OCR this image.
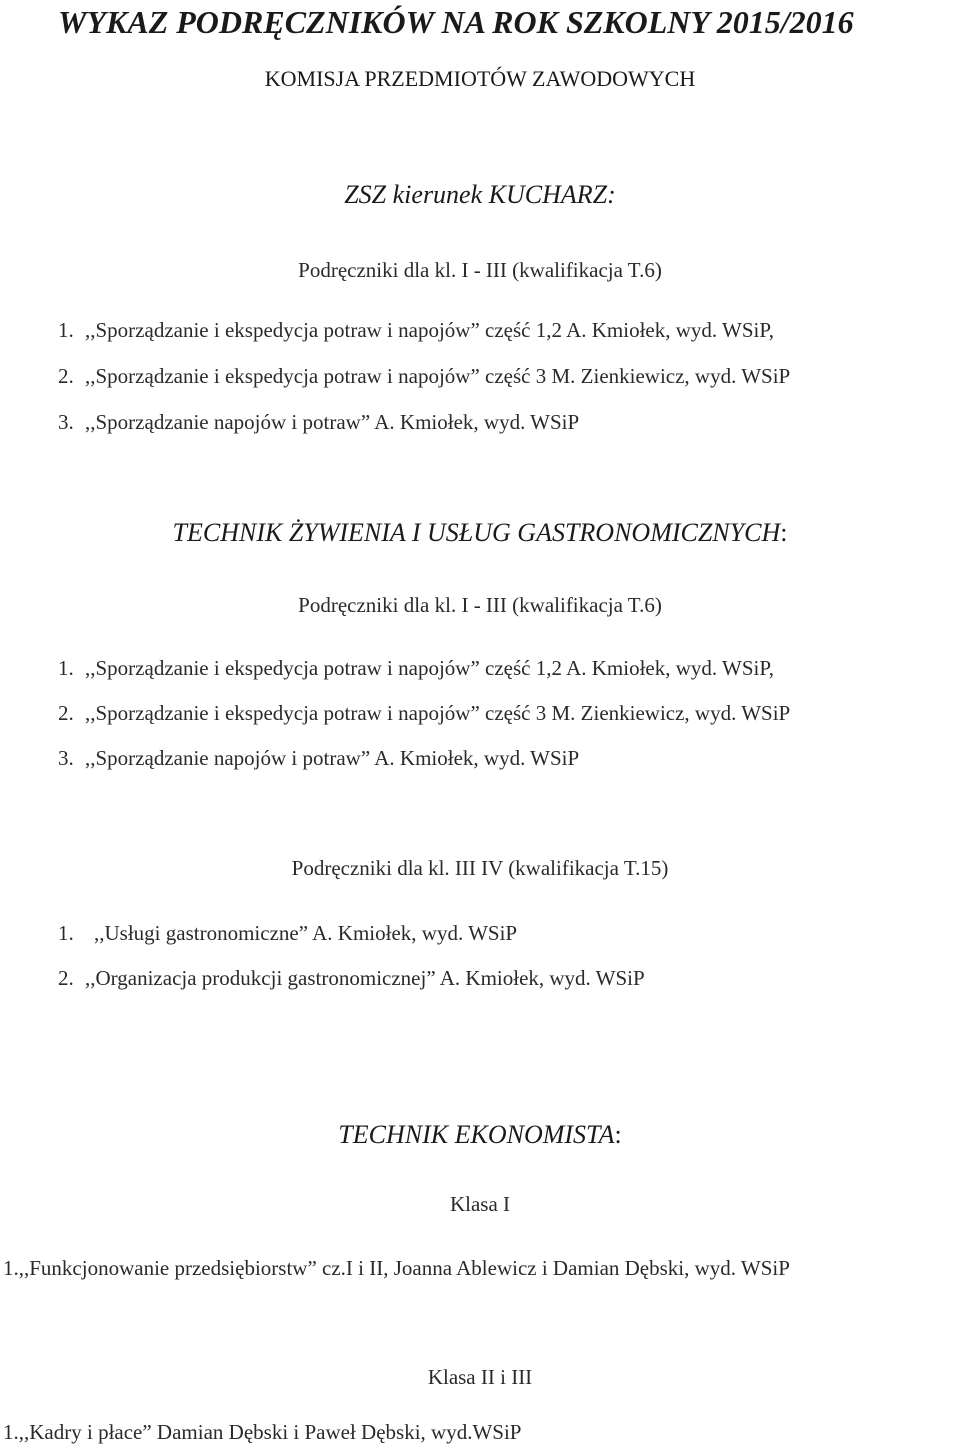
WYKAZ PODRĘCZNIKÓW NA ROK SZKOLNY 2015/2016
KOMISJA PRZEDMIOTÓW ZAWODOWYCH
ZSZ kierunek KUCHARZ:
Podręczniki dla kl. I - III (kwalifikacja T.6)
1. ,,Sporządzanie i ekspedycja potraw i napojów” część 1,2 A. Kmiołek, wyd. WSiP,
2. ,,Sporządzanie i ekspedycja potraw i napojów” część 3 M. Zienkiewicz, wyd. WSiP
3. ,,Sporządzanie napojów i potraw” A. Kmiołek, wyd. WSiP
TECHNIK ŻYWIENIA I USŁUG GASTRONOMICZNYCH:
Podręczniki dla kl. I - III (kwalifikacja T.6)
1. ,,Sporządzanie i ekspedycja potraw i napojów” część 1,2 A. Kmiołek, wyd. WSiP,
2. ,,Sporządzanie i ekspedycja potraw i napojów” część 3 M. Zienkiewicz, wyd. WSiP
3. ,,Sporządzanie napojów i potraw” A. Kmiołek, wyd. WSiP
Podręczniki dla kl. III IV (kwalifikacja T.15)
1. ,,Usługi gastronomiczne” A. Kmiołek, wyd. WSiP
2. ,,Organizacja produkcji gastronomicznej” A. Kmiołek, wyd. WSiP
TECHNIK EKONOMISTA:
Klasa I
1.,,Funkcjonowanie przedsiębiorstw” cz.I i II, Joanna Ablewicz i Damian Dębski, wyd. WSiP
Klasa II i III
1.,,Kadry i płace” Damian Dębski i Paweł Dębski, wyd.WSiP
